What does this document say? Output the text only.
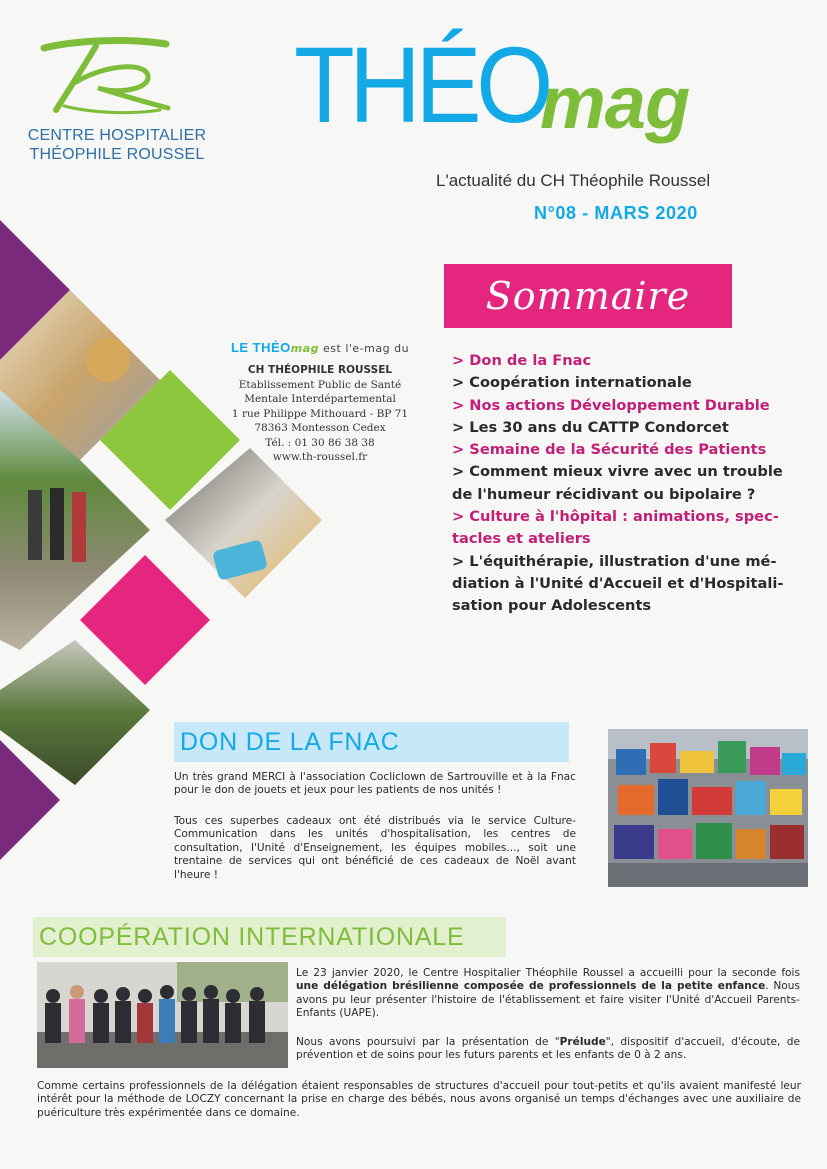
CENTRE HOSPITALIER
THÉOPHILE ROUSSEL
THÉO
mag
L'actualité du CH Théophile Roussel
N°08 - MARS 2020
LE THÉOmag est l'e-mag du
CH THÉOPHILE ROUSSEL
Etablissement Public de Santé
Mentale Interdépartemental
1 rue Philippe Mithouard - BP 71
78363 Montesson Cedex
Tél. : 01 30 86 38 38
www.th-roussel.fr
Sommaire
> Don de la Fnac
> Coopération internationale
> Nos actions Développement Durable
> Les 30 ans du CATTP Condorcet
> Semaine de la Sécurité des Patients
> Comment mieux vivre avec un trouble
de l'humeur récidivant ou bipolaire ?
> Culture à l'hôpital : animations, spec-
tacles et ateliers
> L'équithérapie, illustration d'une mé-
diation à l'Unité d'Accueil et d'Hospitali-
sation pour Adolescents
DON DE LA FNAC

Un très grand MERCI à l'association Cocliclown de Sartrouville et à la Fnac pour le don de jouets et jeux pour les patients de nos unités !

Tous ces superbes cadeaux ont été distribués via le service Culture-Communication dans les unités d'hospitalisation, les centres de consultation, l'Unité d'Enseignement, les équipes mobiles..., soit une trentaine de services qui ont bénéficié de ces cadeaux de Noël avant l'heure !

COOPÉRATION INTERNATIONALE

Le 23 janvier 2020, le Centre Hospitalier Théophile Roussel a accueilli pour la seconde fois une délégation brésilienne composée de professionnels de la petite enfance. Nous avons pu leur présenter l'histoire de l'établissement et faire visiter l'Unité d'Accueil Parents-Enfants (UAPE).

Nous avons poursuivi par la présentation de "Prélude", dispositif d'accueil, d'écoute, de prévention et de soins pour les futurs parents et les enfants de 0 à 2 ans.

Comme certains professionnels de la délégation étaient responsables de structures d'accueil pour tout-petits et qu'ils avaient manifesté leur intérêt pour la méthode de LOCZY concernant la prise en charge des bébés, nous avons organisé un temps d'échanges avec une auxiliaire de puériculture très expérimentée dans ce domaine.
